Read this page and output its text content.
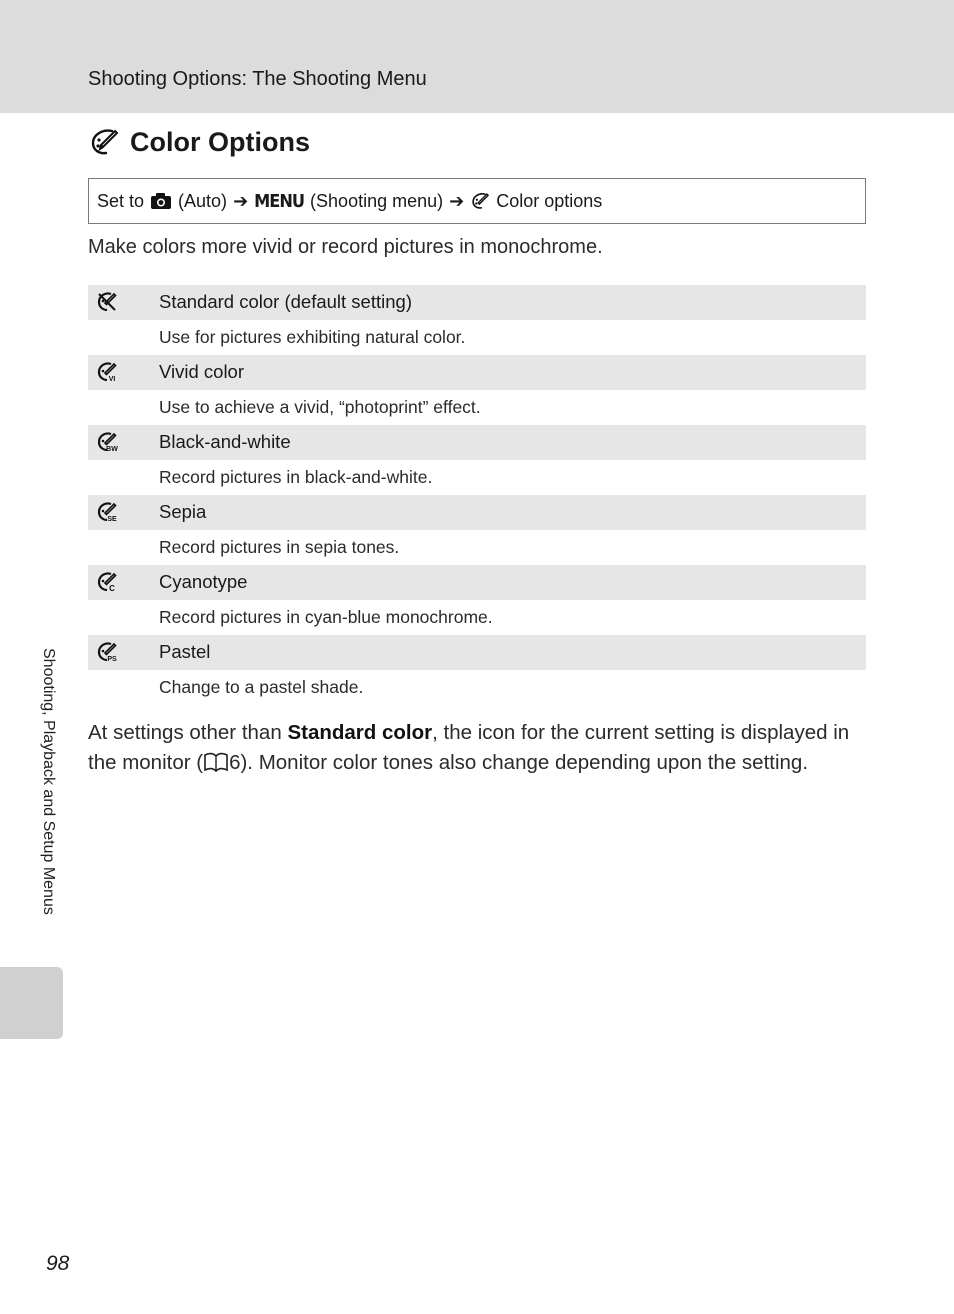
Shooting Options: The Shooting Menu
Color Options
Set to (Auto) ➔ MENU (Shooting menu) ➔ Color options
Make colors more vivid or record pictures in monochrome.
Standard color (default setting)
Use for pictures exhibiting natural color.
VI Vivid color
Use to achieve a vivid, “photoprint” effect.
BW Black-and-white
Record pictures in black-and-white.
SE Sepia
Record pictures in sepia tones.
C Cyanotype
Record pictures in cyan-blue monochrome.
PS Pastel
Change to a pastel shade.
At settings other than Standard color, the icon for the current setting is displayed in the monitor ( 6). Monitor color tones also change depending upon the setting.
Shooting, Playback and Setup Menus
98
